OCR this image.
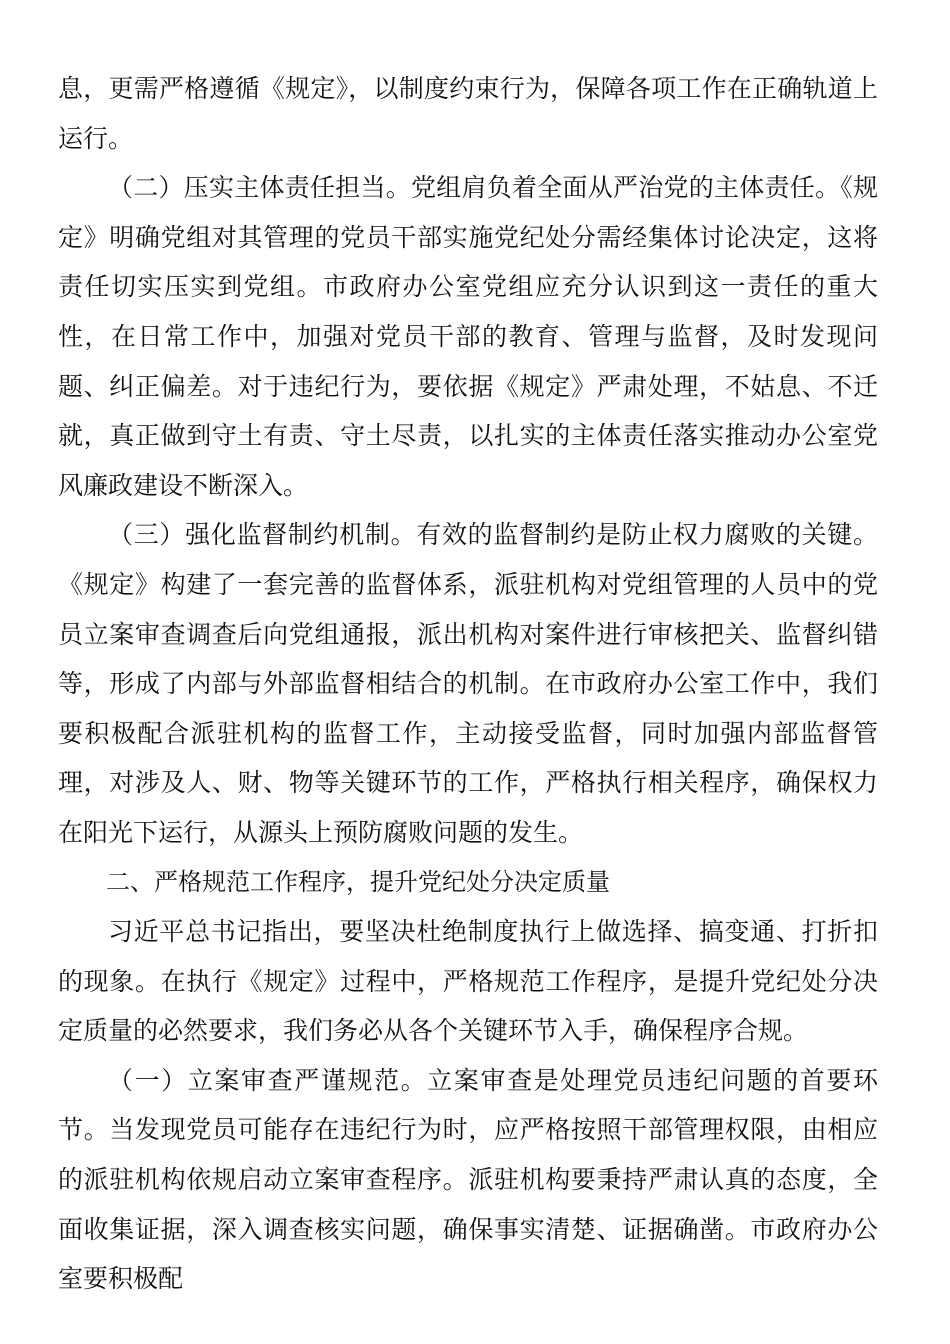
息，更需严格遵循《规定》，以制度约束行为，保障各项工作在正确轨道上运行。

（二）压实主体责任担当。党组肩负着全面从严治党的主体责任。《规定》明确党组对其管理的党员干部实施党纪处分需经集体讨论决定，这将责任切实压实到党组。市政府办公室党组应充分认识到这一责任的重大性，在日常工作中，加强对党员干部的教育、管理与监督，及时发现问题、纠正偏差。对于违纪行为，要依据《规定》严肃处理，不姑息、不迁就，真正做到守土有责、守土尽责，以扎实的主体责任落实推动办公室党风廉政建设不断深入。

（三）强化监督制约机制。有效的监督制约是防止权力腐败的关键。《规定》构建了一套完善的监督体系，派驻机构对党组管理的人员中的党员立案审查调查后向党组通报，派出机构对案件进行审核把关、监督纠错等，形成了内部与外部监督相结合的机制。在市政府办公室工作中，我们要积极配合派驻机构的监督工作，主动接受监督，同时加强内部监督管理，对涉及人、财、物等关键环节的工作，严格执行相关程序，确保权力在阳光下运行，从源头上预防腐败问题的发生。

二、严格规范工作程序，提升党纪处分决定质量

习近平总书记指出，要坚决杜绝制度执行上做选择、搞变通、打折扣的现象。在执行《规定》过程中，严格规范工作程序，是提升党纪处分决定质量的必然要求，我们务必从各个关键环节入手，确保程序合规。

（一）立案审查严谨规范。立案审查是处理党员违纪问题的首要环节。当发现党员可能存在违纪行为时，应严格按照干部管理权限，由相应的派驻机构依规启动立案审查程序。派驻机构要秉持严肃认真的态度，全面收集证据，深入调查核实问题，确保事实清楚、证据确凿。市政府办公室要积极配
